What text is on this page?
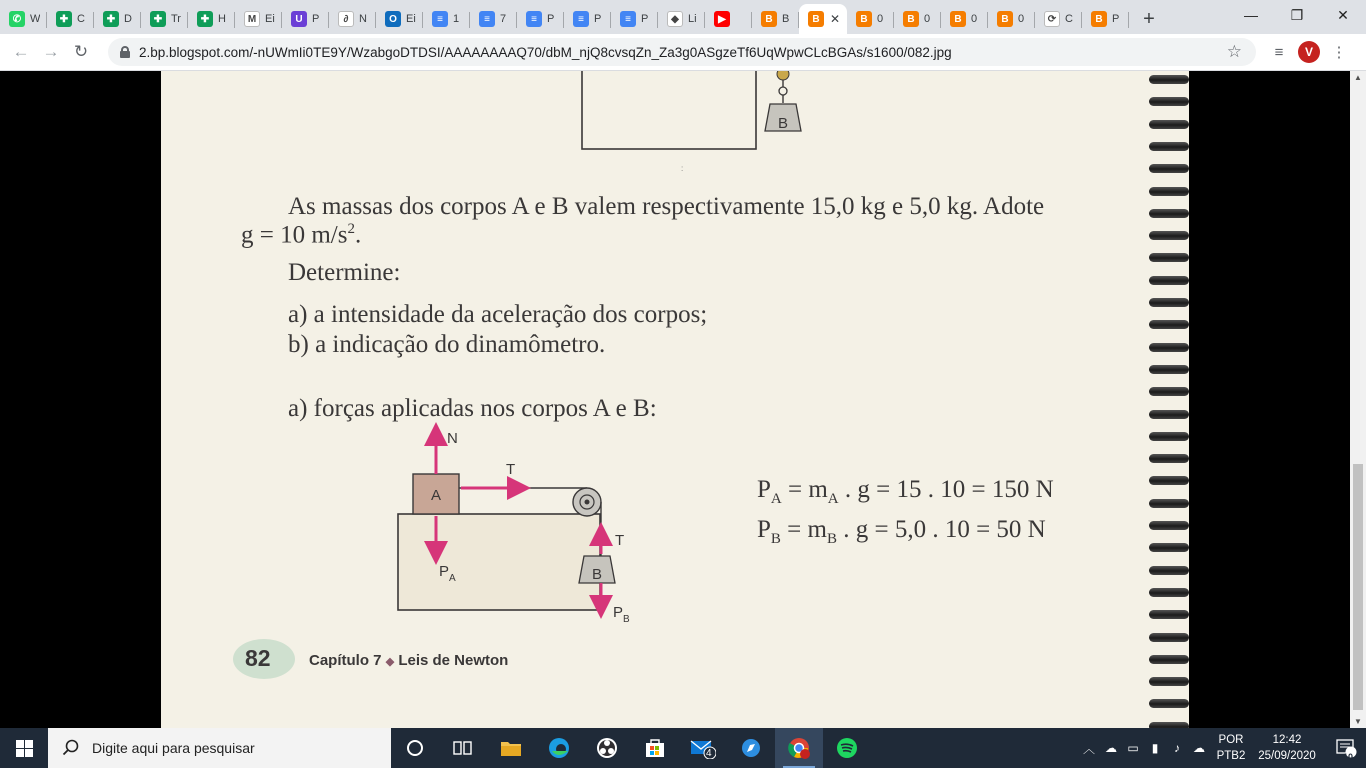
✆ W	✚ C	✚ D	✚ Tr	✚ H	M Ei	U P	∂ N	O Ei	≡ 1	≡ 7	≡ P	≡ P	≡ P	◆ Li	▶	B B	B ✕	B 0	B 0	B 0	B 0	⟳ C	B P	+	—	❐	✕
← → ↻	2.bp.blogspot.com/-nUWmIi0TE9Y/WzabgoDTDSI/AAAAAAAAQ70/dbM_njQ8cvsqZn_Za3g0ASgzeTf6UqWpwCLcBGAs/s1600/082.jpg	☆	≡	V	⋮
B
:
As massas dos corpos A e B valem respectivamente 15,0 kg e 5,0 kg. Adote
g = 10 $m/s^2$.
Determine:
a) a intensidade da aceleração dos corpos;
b) a indicação do dinamômetro.
a) forças aplicadas nos corpos A e B:
A
B
N
T
$P_A$
T
$P_B$
$P_A = m_A$ . g = 15 . 10 = 150 N
$P_B = m_B$ . g = 5,0 . 10 = 50 N
82	Capítulo 7 ◆ Leis de Newton
▲
▼
Digite aqui para pesquisar	4	︿ ☁ ▭	▮	♪	☁
POR
PTB2
12:42
25/09/2020	10
